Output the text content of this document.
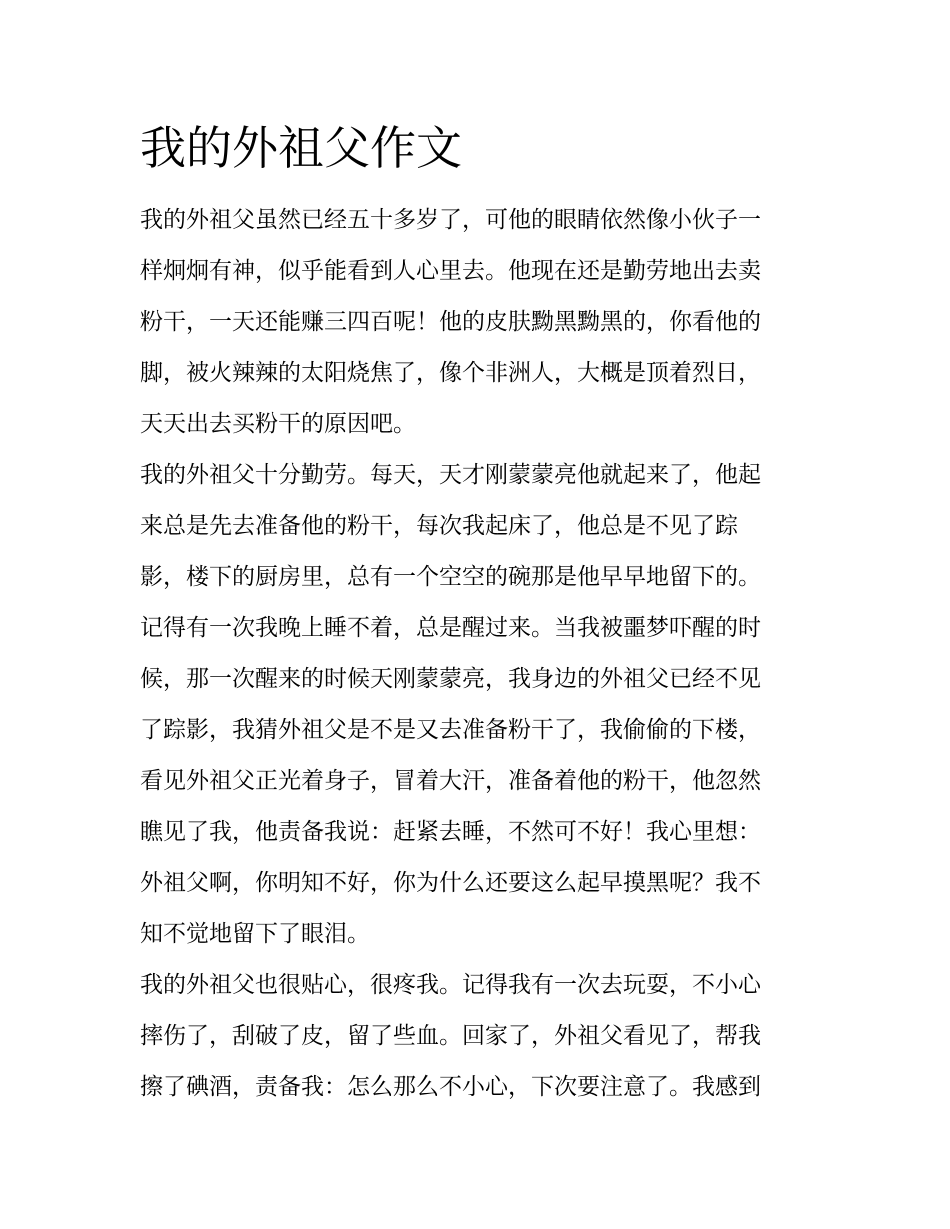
我的外祖父作文
我的外祖父虽然已经五十多岁了，可他的眼睛依然像小伙子一
样炯炯有神，似乎能看到人心里去。他现在还是勤劳地出去卖
粉干，一天还能赚三四百呢！他的皮肤黝黑黝黑的，你看他的
脚，被火辣辣的太阳烧焦了，像个非洲人，大概是顶着烈日，
天天出去买粉干的原因吧。
我的外祖父十分勤劳。每天，天才刚蒙蒙亮他就起来了，他起
来总是先去准备他的粉干，每次我起床了，他总是不见了踪
影，楼下的厨房里，总有一个空空的碗那是他早早地留下的。
记得有一次我晚上睡不着，总是醒过来。当我被噩梦吓醒的时
候，那一次醒来的时候天刚蒙蒙亮，我身边的外祖父已经不见
了踪影，我猜外祖父是不是又去准备粉干了，我偷偷的下楼，
看见外祖父正光着身子，冒着大汗，准备着他的粉干，他忽然
瞧见了我，他责备我说：赶紧去睡，不然可不好！我心里想：
外祖父啊，你明知不好，你为什么还要这么起早摸黑呢？我不
知不觉地留下了眼泪。
我的外祖父也很贴心，很疼我。记得我有一次去玩耍，不小心
摔伤了，刮破了皮，留了些血。回家了，外祖父看见了，帮我
擦了碘酒，责备我：怎么那么不小心，下次要注意了。我感到
